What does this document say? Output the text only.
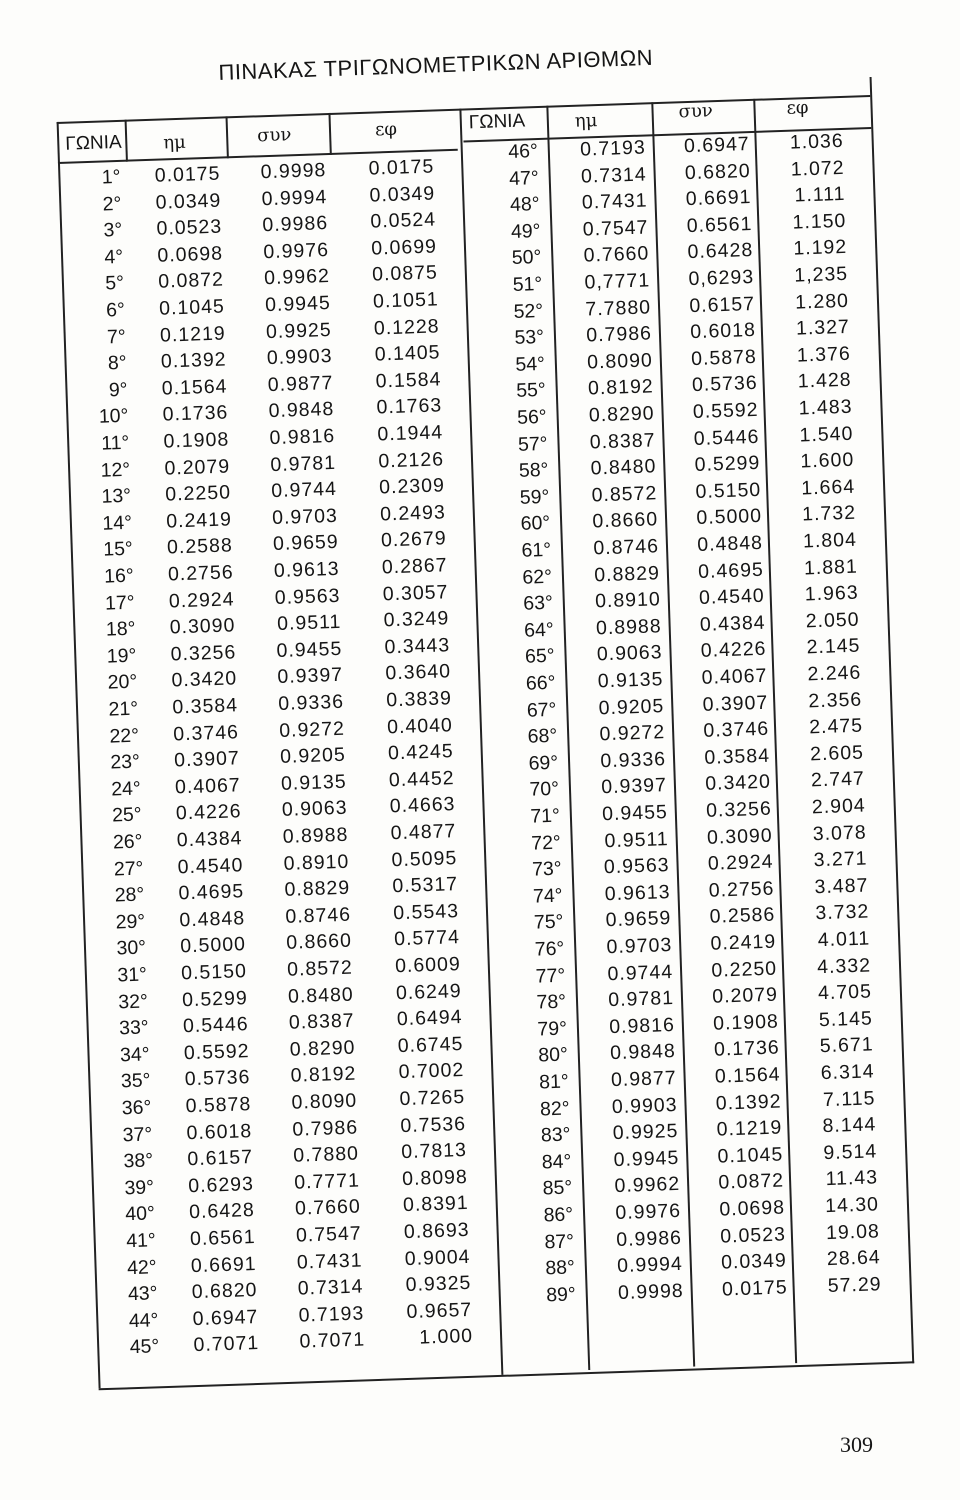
ΠΙΝΑΚΑΣ ΤΡΙΓΩΝΟΜΕΤΡΙΚΩΝ ΑΡΙΘΜΩΝ
ΓΩΝΙΑ ημ	συν	εφ	ΓΩΝΙΑ	ημ	συν	εφ
1°	0.0175	0.9998	0.0175
2°	0.0349	0.9994	0.0349
3°	0.0523	0.9986	0.0524
4°	0.0698	0.9976	0.0699
5°	0.0872	0.9962	0.0875
6°	0.1045	0.9945	0.1051
7°	0.1219	0.9925	0.1228
8°	0.1392	0.9903	0.1405
9°	0.1564	0.9877	0.1584
10°	0.1736	0.9848	0.1763
11°	0.1908	0.9816	0.1944
12°	0.2079	0.9781	0.2126
13°	0.2250	0.9744	0.2309
14°	0.2419	0.9703	0.2493
15°	0.2588	0.9659	0.2679
16°	0.2756	0.9613	0.2867
17°	0.2924	0.9563	0.3057
18°	0.3090	0.9511	0.3249
19°	0.3256	0.9455	0.3443
20°	0.3420	0.9397	0.3640
21°	0.3584	0.9336	0.3839
22°	0.3746	0.9272	0.4040
23°	0.3907	0.9205	0.4245
24°	0.4067	0.9135	0.4452
25°	0.4226	0.9063	0.4663
26°	0.4384	0.8988	0.4877
27°	0.4540	0.8910	0.5095
28°	0.4695	0.8829	0.5317
29°	0.4848	0.8746	0.5543
30°	0.5000	0.8660	0.5774
31°	0.5150	0.8572	0.6009
32°	0.5299	0.8480	0.6249
33°	0.5446	0.8387	0.6494
34°	0.5592	0.8290	0.6745
35°	0.5736	0.8192	0.7002
36°	0.5878	0.8090	0.7265
37°	0.6018	0.7986	0.7536
38°	0.6157	0.7880	0.7813
39°	0.6293	0.7771	0.8098
40°	0.6428	0.7660	0.8391
41°	0.6561	0.7547	0.8693
42°	0.6691	0.7431	0.9004
43°	0.6820	0.7314	0.9325
44°	0.6947	0.7193	0.9657
45°	0.7071	0.7071	1.000
46°	0.7193	0.6947	1.036
47°	0.7314	0.6820	1.072
48°	0.7431	0.6691	1.111
49°	0.7547	0.6561	1.150
50°	0.7660	0.6428	1.192
51°	0,7771	0,6293	1,235
52°	7.7880	0.6157	1.280
53°	0.7986	0.6018	1.327
54°	0.8090	0.5878	1.376
55°	0.8192	0.5736	1.428
56°	0.8290	0.5592	1.483
57°	0.8387	0.5446	1.540
58°	0.8480	0.5299	1.600
59°	0.8572	0.5150	1.664
60°	0.8660	0.5000	1.732
61°	0.8746	0.4848	1.804
62°	0.8829	0.4695	1.881
63°	0.8910	0.4540	1.963
64°	0.8988	0.4384	2.050
65°	0.9063	0.4226	2.145
66°	0.9135	0.4067	2.246
67°	0.9205	0.3907	2.356
68°	0.9272	0.3746	2.475
69°	0.9336	0.3584	2.605
70°	0.9397	0.3420	2.747
71°	0.9455	0.3256	2.904
72°	0.9511	0.3090	3.078
73°	0.9563	0.2924	3.271
74°	0.9613	0.2756	3.487
75°	0.9659	0.2586	3.732
76°	0.9703	0.2419	4.011
77°	0.9744	0.2250	4.332
78°	0.9781	0.2079	4.705
79°	0.9816	0.1908	5.145
80°	0.9848	0.1736	5.671
81°	0.9877	0.1564	6.314
82°	0.9903	0.1392	7.115
83°	0.9925	0.1219	8.144
84°	0.9945	0.1045	9.514
85°	0.9962	0.0872	11.43
86°	0.9976	0.0698	14.30
87°	0.9986	0.0523	19.08
88°	0.9994	0.0349	28.64
89°	0.9998	0.0175	57.29
309
